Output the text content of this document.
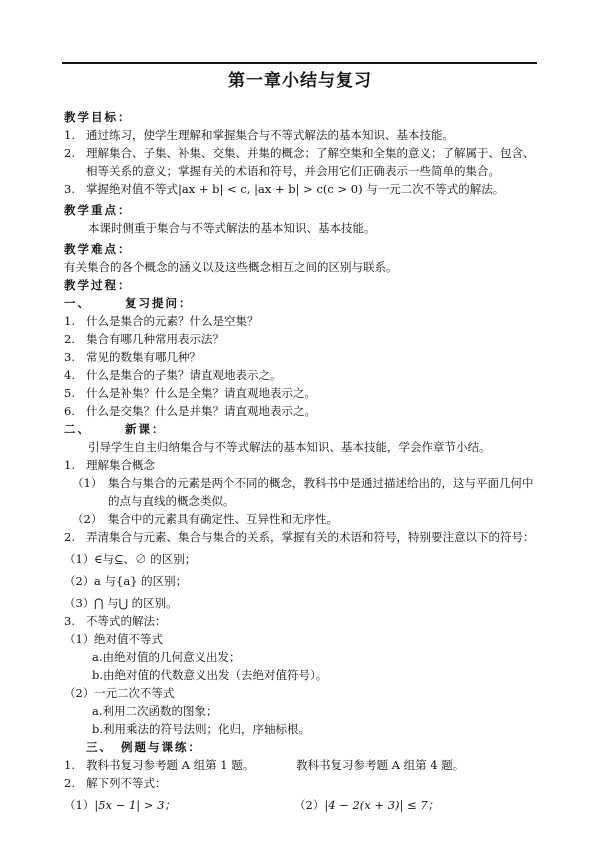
第一章小结与复习
教学目标：
1. 通过练习，使学生理解和掌握集合与不等式解法的基本知识、基本技能。
2. 理解集合、子集、补集、交集、并集的概念；了解空集和全集的意义；了解属于、包含、相等关系的意义；掌握有关的术语和符号，并会用它们正确表示一些简单的集合。
3. 掌握绝对值不等式|ax + b| < c, |ax + b| > c(c > 0) 与一元二次不等式的解法。
教学重点：
本课时侧重于集合与不等式解法的基本知识、基本技能。
教学难点：
有关集合的各个概念的涵义以及这些概念相互之间的区别与联系。
教学过程：
一、	复习提问：
1. 什么是集合的元素？什么是空集？
2. 集合有哪几种常用表示法？
3. 常见的数集有哪几种？
4. 什么是集合的子集？请直观地表示之。
5. 什么是补集？什么是全集？请直观地表示之。
6. 什么是交集？什么是并集？请直观地表示之。
二、	新课：
引导学生自主归纳集合与不等式解法的基本知识、基本技能，学会作章节小结。
1. 理解集合概念
（1） 集合与集合的元素是两个不同的概念，教科书中是通过描述给出的，这与平面几何中的点与直线的概念类似。
（2） 集合中的元素具有确定性、互异性和无序性。
2. 弄清集合与元素、集合与集合的关系，掌握有关的术语和符号，特别要注意以下的符号：
（1） ∈与⊆、∅ 的区别；
（2） a 与{a} 的区别；
（3） ⋂ 与⋃ 的区别。
3. 不等式的解法：
（1） 绝对值不等式
a.由绝对值的几何意义出发；
b.由绝对值的代数意义出发（去绝对值符号）。
（2） 一元二次不等式
a.利用二次函数的图象；
b.利用乘法的符号法则；化归，序轴标根。
三、 例题与课练：
1. 教科书复习参考题 A 组第 1 题。	教科书复习参考题 A 组第 4 题。
2. 解下列不等式：
（1）|5x − 1| > 3；	（2）|4 − 2(x + 3)| ≤ 7；
